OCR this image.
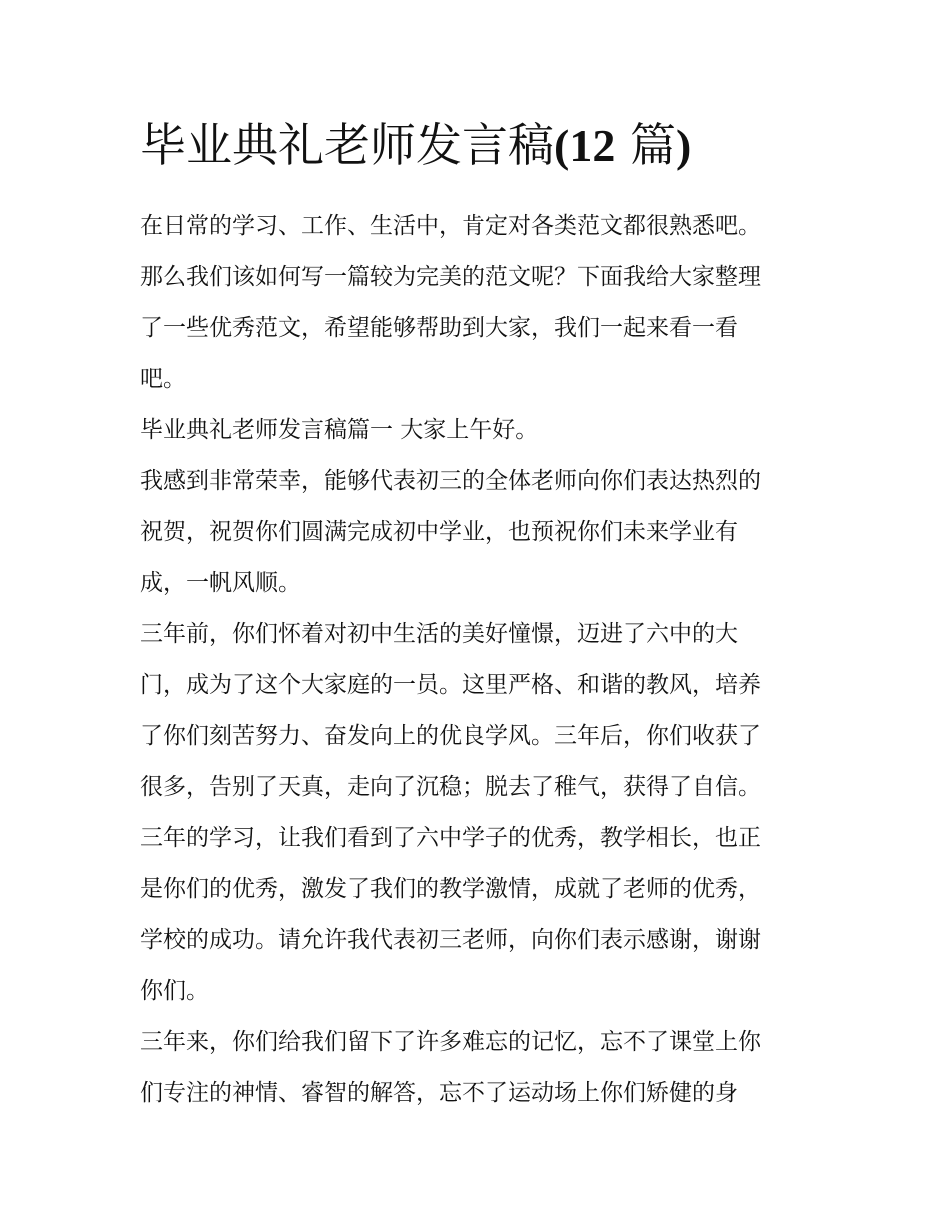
毕业典礼老师发言稿(12 篇)

在日常的学习、工作、生活中，肯定对各类范文都很熟悉吧。
那么我们该如何写一篇较为完美的范文呢？下面我给大家整理
了一些优秀范文，希望能够帮助到大家，我们一起来看一看
吧。

毕业典礼老师发言稿篇一 大家上午好。

我感到非常荣幸，能够代表初三的全体老师向你们表达热烈的
祝贺，祝贺你们圆满完成初中学业，也预祝你们未来学业有
成，一帆风顺。

三年前，你们怀着对初中生活的美好憧憬，迈进了六中的大
门，成为了这个大家庭的一员。这里严格、和谐的教风，培养
了你们刻苦努力、奋发向上的优良学风。三年后，你们收获了
很多，告别了天真，走向了沉稳；脱去了稚气，获得了自信。
三年的学习，让我们看到了六中学子的优秀，教学相长，也正
是你们的优秀，激发了我们的教学激情，成就了老师的优秀，
学校的成功。请允许我代表初三老师，向你们表示感谢，谢谢
你们。

三年来，你们给我们留下了许多难忘的记忆，忘不了课堂上你
们专注的神情、睿智的解答，忘不了运动场上你们矫健的身
